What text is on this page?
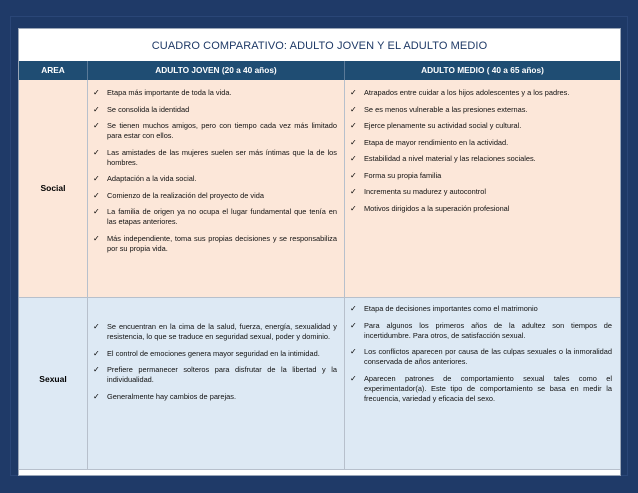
CUADRO COMPARATIVO: ADULTO JOVEN Y EL ADULTO MEDIO
AREA	ADULTO JOVEN (20 a 40 años)	ADULTO MEDIO ( 40 a 65 años)
Social
✓ Etapa más importante de toda la vida.
✓ Se consolida la identidad
✓ Se tienen muchos amigos, pero con tiempo cada vez más limitado para estar con ellos.
✓ Las amistades de las mujeres suelen ser más íntimas que la de los hombres.
✓ Adaptación a la vida social.
✓ Comienzo de la realización del proyecto de vida
✓ La familia de origen ya no ocupa el lugar fundamental que tenía en las etapas anteriores.
✓ Más independiente, toma sus propias decisiones y se responsabiliza por su propia vida.
✓ Atrapados entre cuidar a los hijos adolescentes y a los padres.
✓ Se es menos vulnerable a las presiones externas.
✓ Ejerce plenamente su actividad social y cultural.
✓ Etapa de mayor rendimiento en la actividad.
✓ Estabilidad a nivel material y las relaciones sociales.
✓ Forma su propia familia
✓ Incrementa su madurez y autocontrol
✓ Motivos dirigidos a la superación profesional
Sexual
✓ Se encuentran en la cima de la salud, fuerza, energía, sexualidad y resistencia, lo que se traduce en seguridad sexual, poder y dominio.
✓ El control de emociones genera mayor seguridad en la intimidad.
✓ Prefiere permanecer solteros para disfrutar de la libertad y la individualidad.
✓ Generalmente hay cambios de parejas.
✓ Etapa de decisiones importantes como el matrimonio
✓ Para algunos los primeros años de la adultez son tiempos de incertidumbre. Para otros, de satisfacción sexual.
✓ Los conflictos aparecen por causa de las culpas sexuales o la inmoralidad conservada de años anteriores.
✓ Aparecen patrones de comportamiento sexual tales como el experimentador(a). Este tipo de comportamiento se basa en medir la frecuencia, variedad y eficacia del sexo.
